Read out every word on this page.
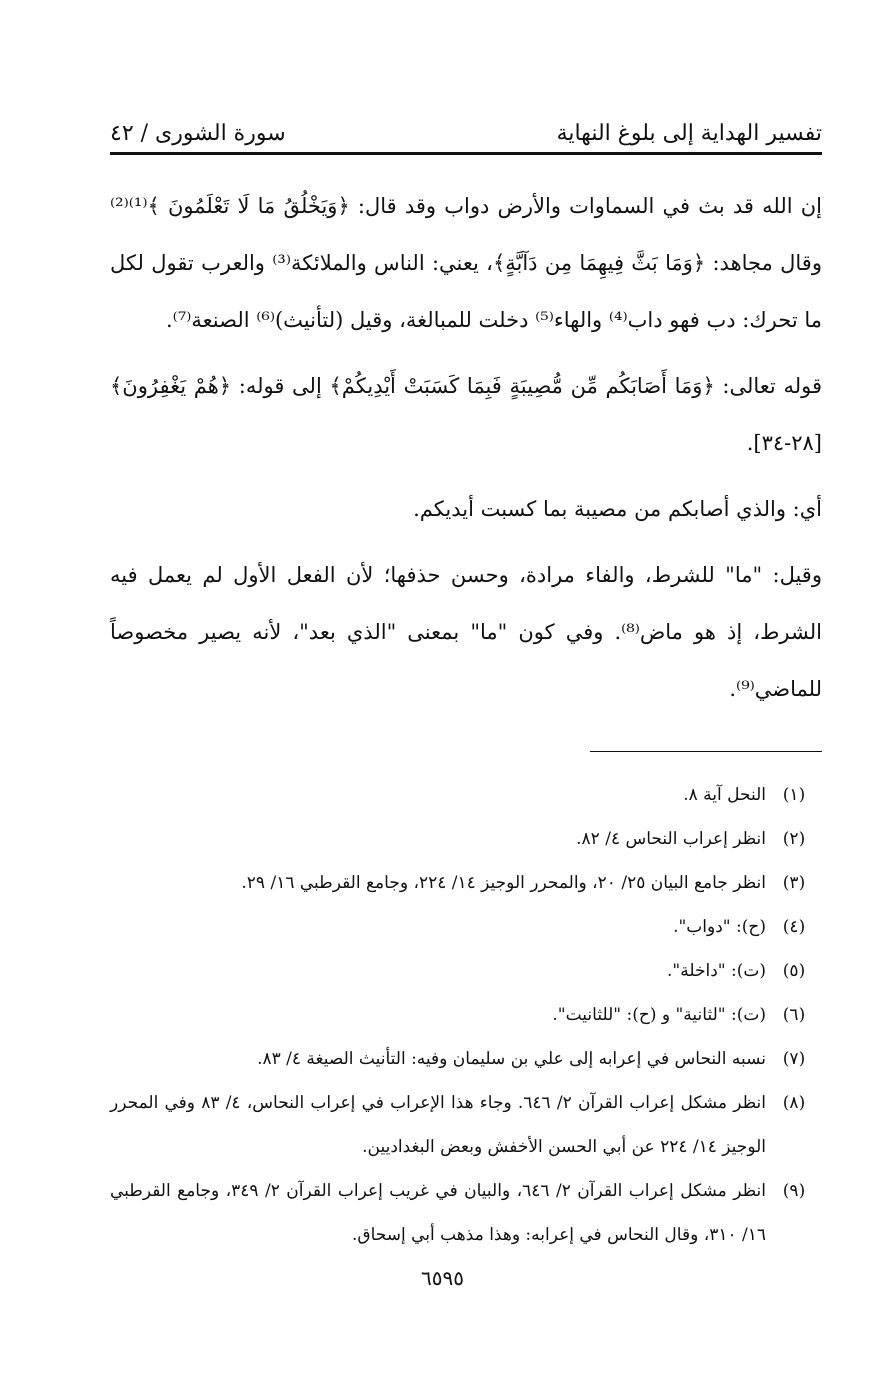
تفسير الهداية إلى بلوغ النهاية
سورة الشورى / ٤٢

إن الله قد بث في السماوات والأرض دواب وقد قال: ﴿وَيَخْلُقُ مَا لَا تَعْلَمُونَ ﴾⁽¹⁾⁽²⁾ وقال مجاهد: ﴿وَمَا بَثَّ فِيهِمَا مِن دَآبَّةٍ﴾، يعني: الناس والملائكة⁽³⁾ والعرب تقول لكل ما تحرك: دب فهو داب⁽⁴⁾ والهاء⁽⁵⁾ دخلت للمبالغة، وقيل (لتأنيث)⁽⁶⁾ الصنعة⁽⁷⁾.

قوله تعالى: ﴿وَمَا أَصَابَكُم مِّن مُّصِيبَةٍ فَبِمَا كَسَبَتْ أَيْدِيكُمْ﴾ إلى قوله: ﴿هُمْ يَغْفِرُونَ﴾[٢٨-٣٤].

أي: والذي أصابكم من مصيبة بما كسبت أيديكم.

وقيل: "ما" للشرط، والفاء مرادة، وحسن حذفها؛ لأن الفعل الأول لم يعمل فيه الشرط، إذ هو ماض⁽⁸⁾. وفي كون "ما" بمعنى "الذي بعد"، لأنه يصير مخصوصاً للماضي⁽⁹⁾.

(١)
النحل آية ٨.
(٢)
انظر إعراب النحاس ٤/ ٨٢.
(٣)
انظر جامع البيان ٢٥/ ٢٠، والمحرر الوجيز ١٤/ ٢٢٤، وجامع القرطبي ١٦/ ٢٩.
(٤)
(ح): "دواب".
(٥)
(ت): "داخلة".
(٦)
(ت): "لثانية" و (ح): "للثانيت".
(٧)
نسبه النحاس في إعرابه إلى علي بن سليمان وفيه: التأنيث الصيغة ٤/ ٨٣.
(٨)
انظر مشكل إعراب القرآن ٢/ ٦٤٦. وجاء هذا الإعراب في إعراب النحاس، ٤/ ٨٣ وفي المحرر الوجيز ١٤/ ٢٢٤ عن أبي الحسن الأخفش وبعض البغداديين.
(٩)
انظر مشكل إعراب القرآن ٢/ ٦٤٦، والبيان في غريب إعراب القرآن ٢/ ٣٤٩، وجامع القرطبي ١٦/ ٣١٠، وقال النحاس في إعرابه: وهذا مذهب أبي إسحاق.
٦٥٩٥
